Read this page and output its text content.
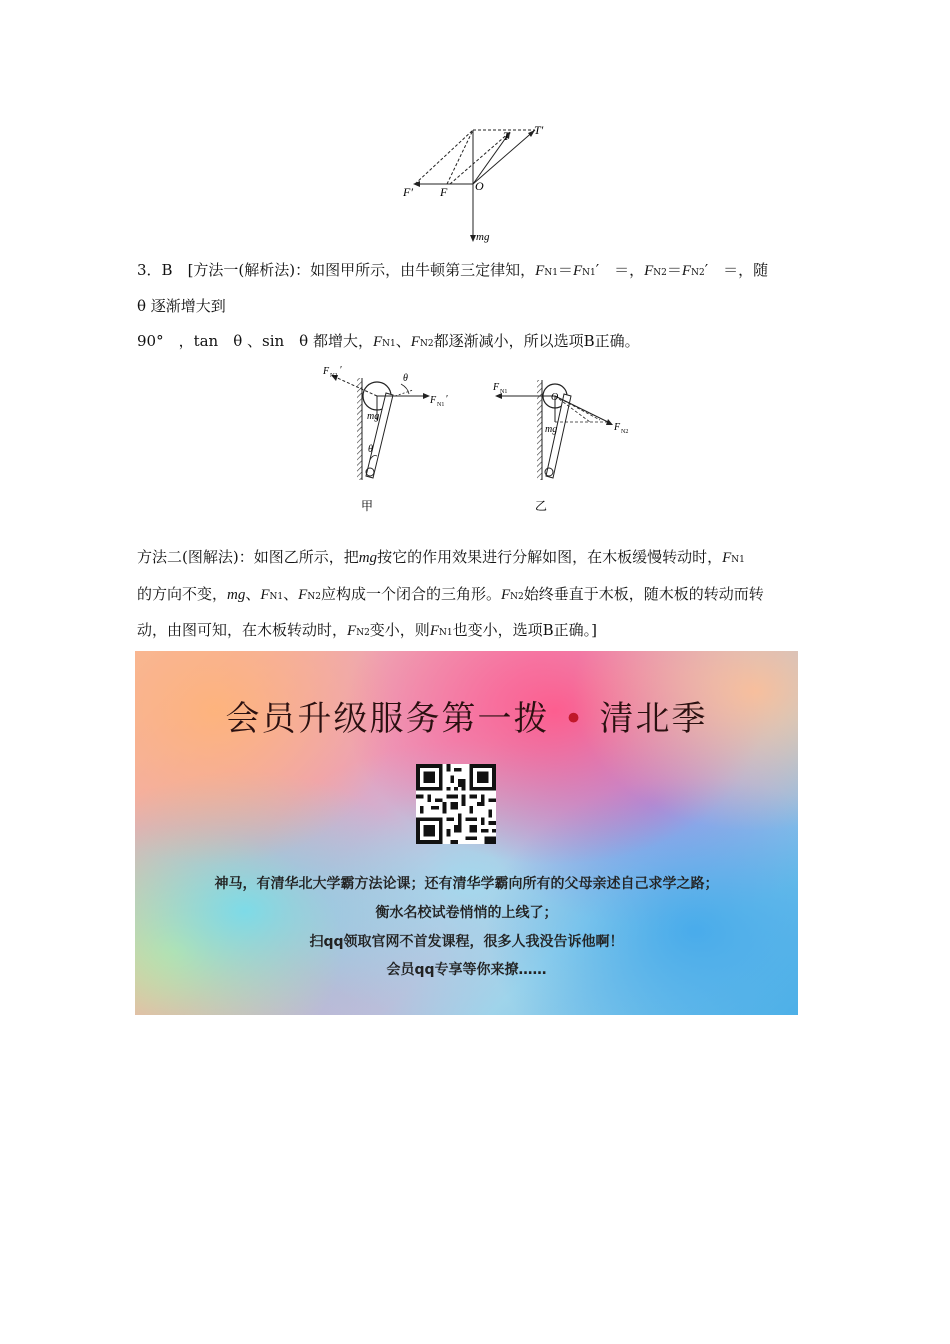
T′
T
O
F′ F
mg
3．B　[方法一(解析法)：如图甲所示，由牛顿第三定律知，FN1＝FN1′　＝，FN2＝FN2′　＝，随
θ 逐渐增大到
90°　，tan　θ 、sin　θ 都增大，FN1、FN2都逐渐减小，所以选项B正确。
F N2 ′
F N1 ′
θ
mg
θ
甲
F N1	O
mg	F N2
乙
方法二(图解法)：如图乙所示，把mg按它的作用效果进行分解如图，在木板缓慢转动时，FN1
的方向不变，mg、FN1、FN2应构成一个闭合的三角形。FN2始终垂直于木板，随木板的转动而转
动，由图可知，在木板转动时，FN2变小，则FN1也变小，选项B正确。]
会员升级服务第一拨 • 清北季
神马，有清华北大学霸方法论课；还有清华学霸向所有的父母亲述自己求学之路；
衡水名校试卷悄悄的上线了；
扫qq领取官网不首发课程，很多人我没告诉他啊！
会员qq专享等你来撩……
